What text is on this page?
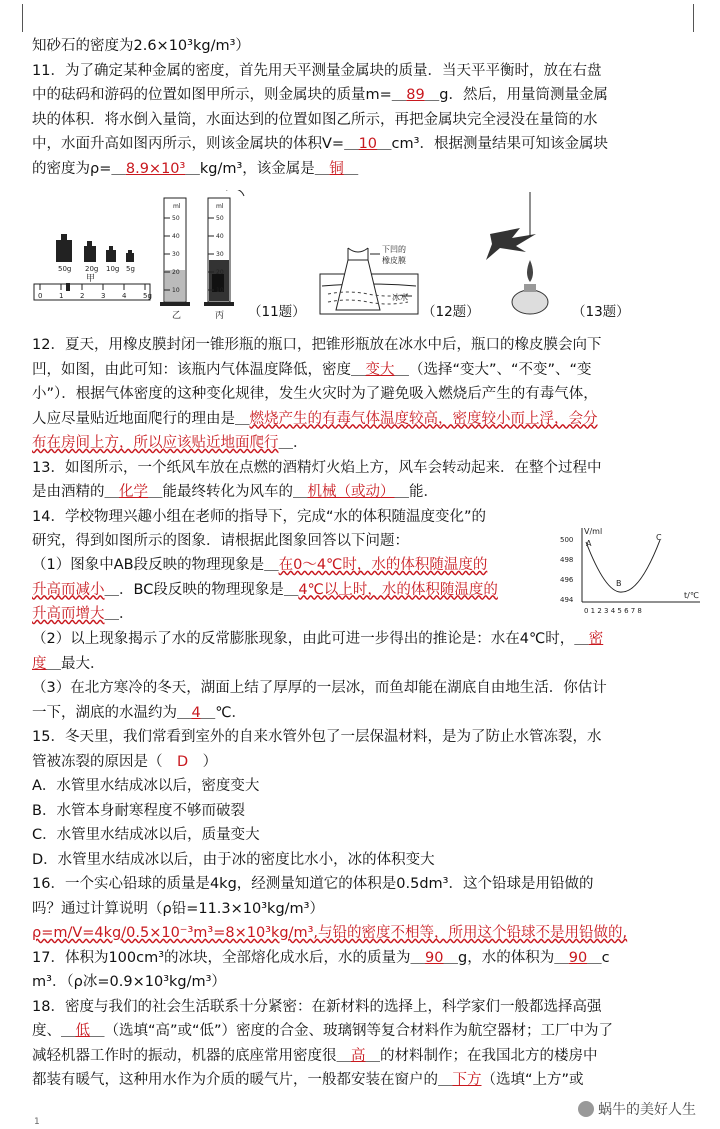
知砂石的密度为2.6×10³kg/m³）

11．为了确定某种金属的密度，首先用天平测量金属块的质量．当天平平衡时，放在右盘

中的砝码和游码的位置如图甲所示，则金属块的质量m=＿89＿g．然后，用量筒测量金属

块的体积．将水倒入量筒，水面达到的位置如图乙所示，再把金属块完全浸没在量筒的水

中，水面升高如图丙所示，则该金属块的体积V=＿10＿cm³．根据测量结果可知该金属块

的密度为ρ=＿8.9×10³＿kg/m³，该金属是＿铜＿

50g 20g 10g 5g
0 1 2 3 4 5g
甲
ml
50
40
30
20
10
乙
ml
50
40
30
20
10
丙 （11题）
下凹的
橡皮膜
冰水
（12题）	（13题）

12．夏天，用橡皮膜封闭一锥形瓶的瓶口，把锥形瓶放在冰水中后，瓶口的橡皮膜会向下

凹，如图，由此可知：该瓶内气体温度降低，密度＿变大＿（选择“变大”、“不变”、“变

小”）．根据气体密度的这种变化规律，发生火灾时为了避免吸入燃烧后产生的有毒气体，

人应尽量贴近地面爬行的理由是＿燃烧产生的有毒气体温度较高，密度较小而上浮，会分

布在房间上方，所以应该贴近地面爬行＿．

13．如图所示，一个纸风车放在点燃的酒精灯火焰上方，风车会转动起来．在整个过程中

是由酒精的＿化学＿能最终转化为风车的＿机械（或动）＿能．

14．学校物理兴趣小组在老师的指导下，完成“水的体积随温度变化”的

研究，得到如图所示的图象．请根据此图象回答以下问题：

V/ml
t/℃
500
498
496
494
0 1 2 3 4 5 6 7 8
A
B
C

（1）图象中AB段反映的物理现象是＿在0～4℃时，水的体积随温度的

升高而减小＿．BC段反映的物理现象是＿4℃以上时，水的体积随温度的

升高而增大＿．

（2）以上现象揭示了水的反常膨胀现象，由此可进一步得出的推论是：水在4℃时，＿密

度＿最大．

（3）在北方寒冷的冬天，湖面上结了厚厚的一层冰，而鱼却能在湖底自由地生活．你估计

一下，湖底的水温约为＿4＿℃．

15．冬天里，我们常看到室外的自来水管外包了一层保温材料，是为了防止水管冻裂，水

管被冻裂的原因是（　D　）

A．水管里水结成冰以后，密度变大

B．水管本身耐寒程度不够而破裂

C．水管里水结成冰以后，质量变大

D．水管里水结成冰以后，由于冰的密度比水小，冰的体积变大

16．一个实心铅球的质量是4kg，经测量知道它的体积是0.5dm³．这个铅球是用铅做的

吗？通过计算说明（ρ铅=11.3×10³kg/m³）

ρ=m/V=4kg/0.5×10⁻³m³=8×10³kg/m³,与铅的密度不相等，所用这个铅球不是用铅做的,

17．体积为100cm³的冰块，全部熔化成水后，水的质量为＿90＿g，水的体积为＿90＿c

m³．（ρ冰=0.9×10³kg/m³）

18．密度与我们的社会生活联系十分紧密：在新材料的选择上，科学家们一般都选择高强

度、＿低＿（选填“高”或“低”）密度的合金、玻璃钢等复合材料作为航空器材；工厂中为了

减轻机器工作时的振动，机器的底座常用密度很＿高＿的材料制作；在我国北方的楼房中

都装有暖气，这种用水作为介质的暖气片，一般都安装在窗户的＿下方（选填“上方”或

蜗牛的美好人生
1
